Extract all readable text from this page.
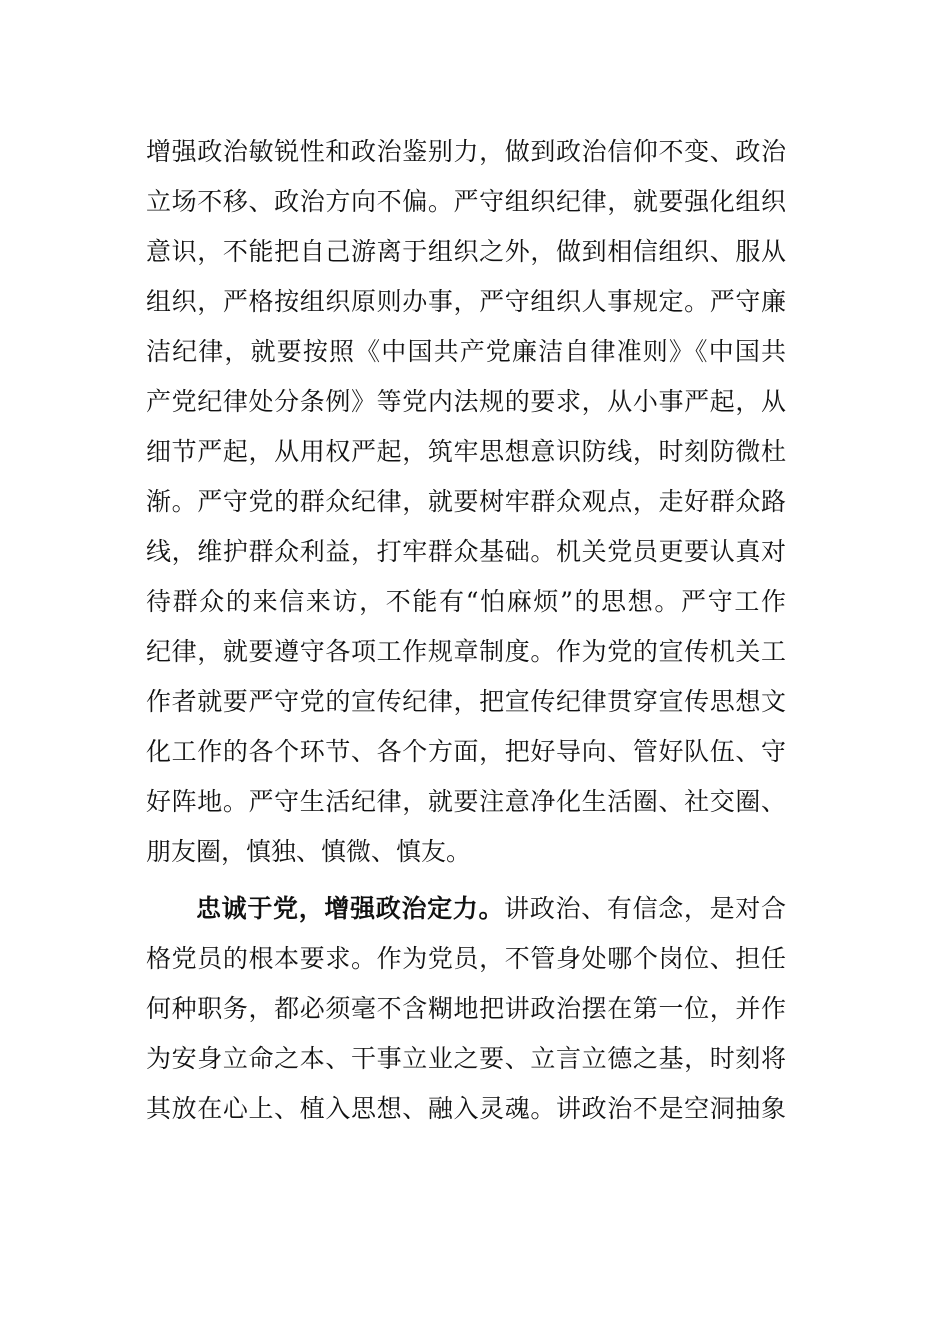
增强政治敏锐性和政治鉴别力，做到政治信仰不变、政治
立场不移、政治方向不偏。严守组织纪律，就要强化组织
意识，不能把自己游离于组织之外，做到相信组织、服从
组织，严格按组织原则办事，严守组织人事规定。严守廉
洁纪律，就要按照《中国共产党廉洁自律准则》《中国共
产党纪律处分条例》等党内法规的要求，从小事严起，从
细节严起，从用权严起，筑牢思想意识防线，时刻防微杜
渐。严守党的群众纪律，就要树牢群众观点，走好群众路
线，维护群众利益，打牢群众基础。机关党员更要认真对
待群众的来信来访，不能有“怕麻烦”的思想。严守工作
纪律，就要遵守各项工作规章制度。作为党的宣传机关工
作者就要严守党的宣传纪律，把宣传纪律贯穿宣传思想文
化工作的各个环节、各个方面，把好导向、管好队伍、守
好阵地。严守生活纪律，就要注意净化生活圈、社交圈、
朋友圈，慎独、慎微、慎友。
忠诚于党，增强政治定力。讲政治、有信念，是对合
格党员的根本要求。作为党员，不管身处哪个岗位、担任
何种职务，都必须毫不含糊地把讲政治摆在第一位，并作
为安身立命之本、干事立业之要、立言立德之基，时刻将
其放在心上、植入思想、融入灵魂。讲政治不是空洞抽象
